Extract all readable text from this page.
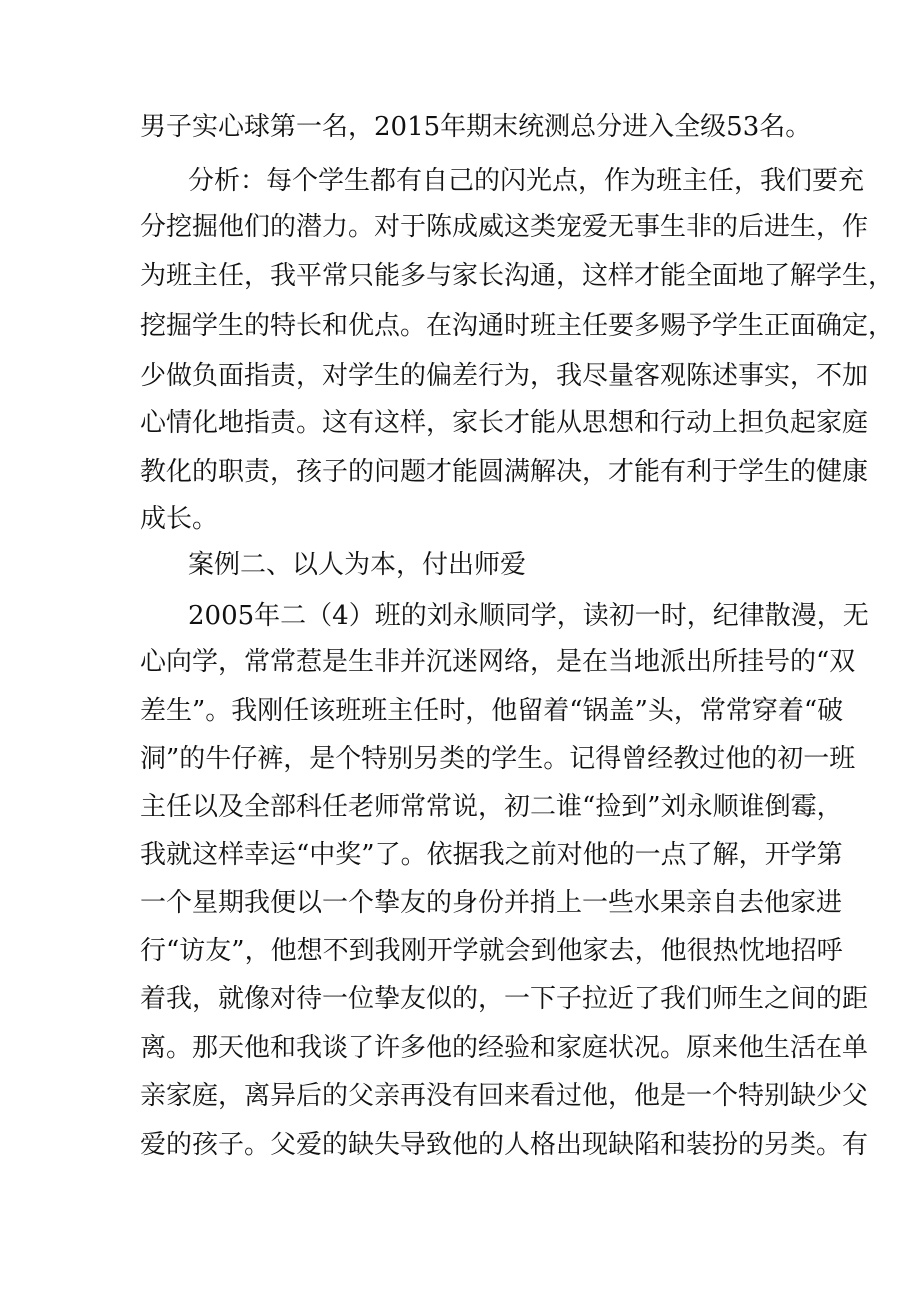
男子实心球第一名，2015年期末统测总分进入全级53名。
分析：每个学生都有自己的闪光点，作为班主任，我们要充
分挖掘他们的潜力。对于陈成威这类宠爱无事生非的后进生，作
为班主任，我平常只能多与家长沟通，这样才能全面地了解学生，
挖掘学生的特长和优点。在沟通时班主任要多赐予学生正面确定，
少做负面指责，对学生的偏差行为，我尽量客观陈述事实，不加
心情化地指责。这有这样，家长才能从思想和行动上担负起家庭
教化的职责，孩子的问题才能圆满解决，才能有利于学生的健康
成长。
案例二、以人为本，付出师爱
2005年二（4）班的刘永顺同学，读初一时，纪律散漫，无
心向学，常常惹是生非并沉迷网络，是在当地派出所挂号的“双
差生”。我刚任该班班主任时，他留着“锅盖”头，常常穿着“破
洞”的牛仔裤，是个特别另类的学生。记得曾经教过他的初一班
主任以及全部科任老师常常说，初二谁“捡到”刘永顺谁倒霉，
我就这样幸运“中奖”了。依据我之前对他的一点了解，开学第
一个星期我便以一个挚友的身份并捎上一些水果亲自去他家进
行“访友”，他想不到我刚开学就会到他家去，他很热忱地招呼
着我，就像对待一位挚友似的，一下子拉近了我们师生之间的距
离。那天他和我谈了许多他的经验和家庭状况。原来他生活在单
亲家庭，离异后的父亲再没有回来看过他，他是一个特别缺少父
爱的孩子。父爱的缺失导致他的人格出现缺陷和装扮的另类。有
